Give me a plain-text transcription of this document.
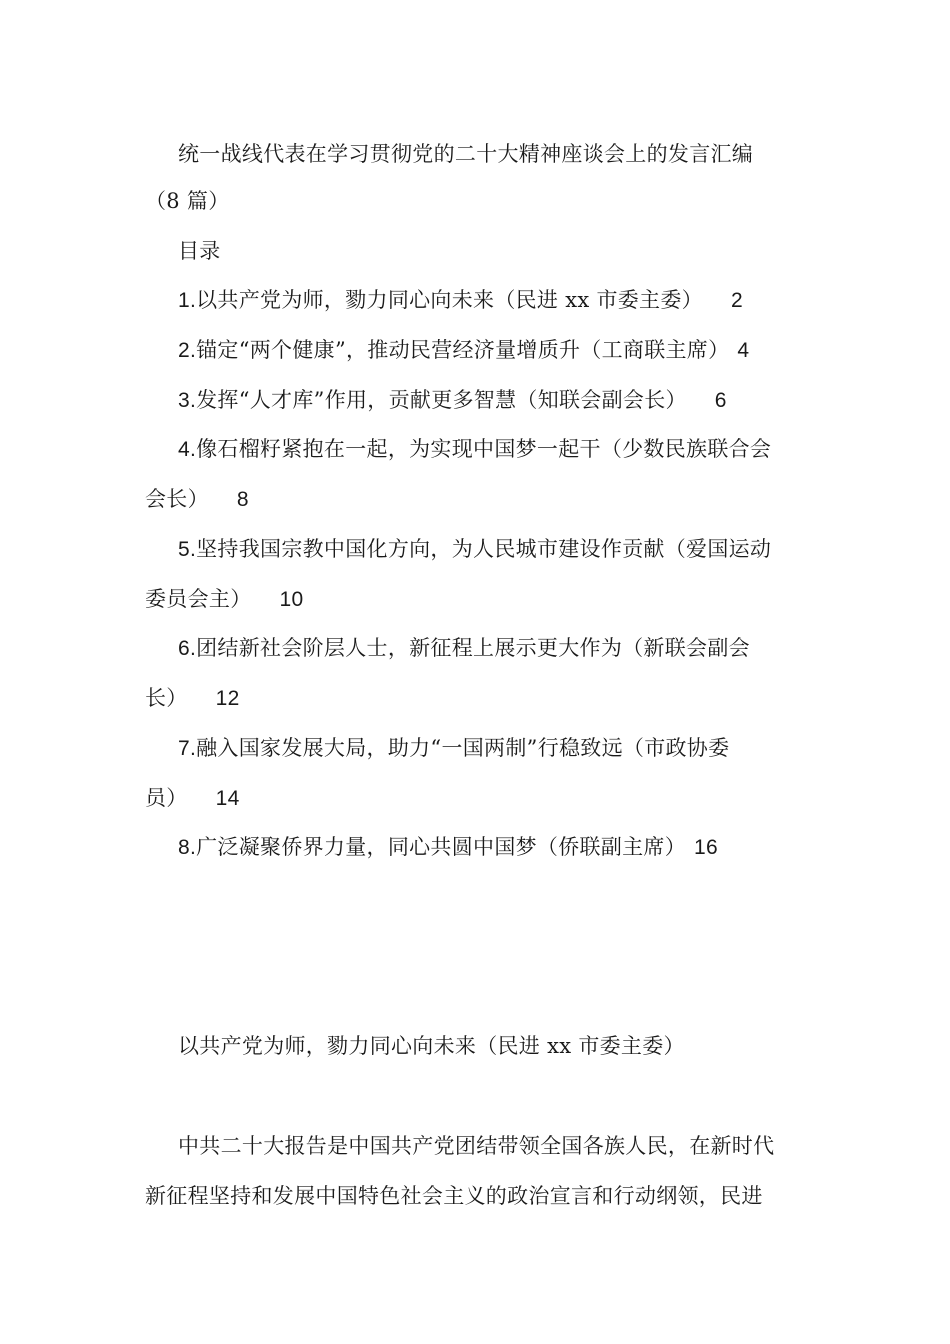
统一战线代表在学习贯彻党的二十大精神座谈会上的发言汇编
（8 篇）
目录
1.以共产党为师，勠力同心向未来（民进 xx 市委主委） 2
2.锚定“两个健康”，推动民营经济量增质升（工商联主席） 4
3.发挥“人才库”作用，贡献更多智慧（知联会副会长） 6
4.像石榴籽紧抱在一起，为实现中国梦一起干（少数民族联合会
会长） 8
5.坚持我国宗教中国化方向，为人民城市建设作贡献（爱国运动
委员会主） 10
6.团结新社会阶层人士，新征程上展示更大作为（新联会副会
长） 12
7.融入国家发展大局，助力“一国两制”行稳致远（市政协委
员） 14
8.广泛凝聚侨界力量，同心共圆中国梦（侨联副主席） 16
以共产党为师，勠力同心向未来（民进 xx 市委主委）
中共二十大报告是中国共产党团结带领全国各族人民，在新时代
新征程坚持和发展中国特色社会主义的政治宣言和行动纲领，民进
